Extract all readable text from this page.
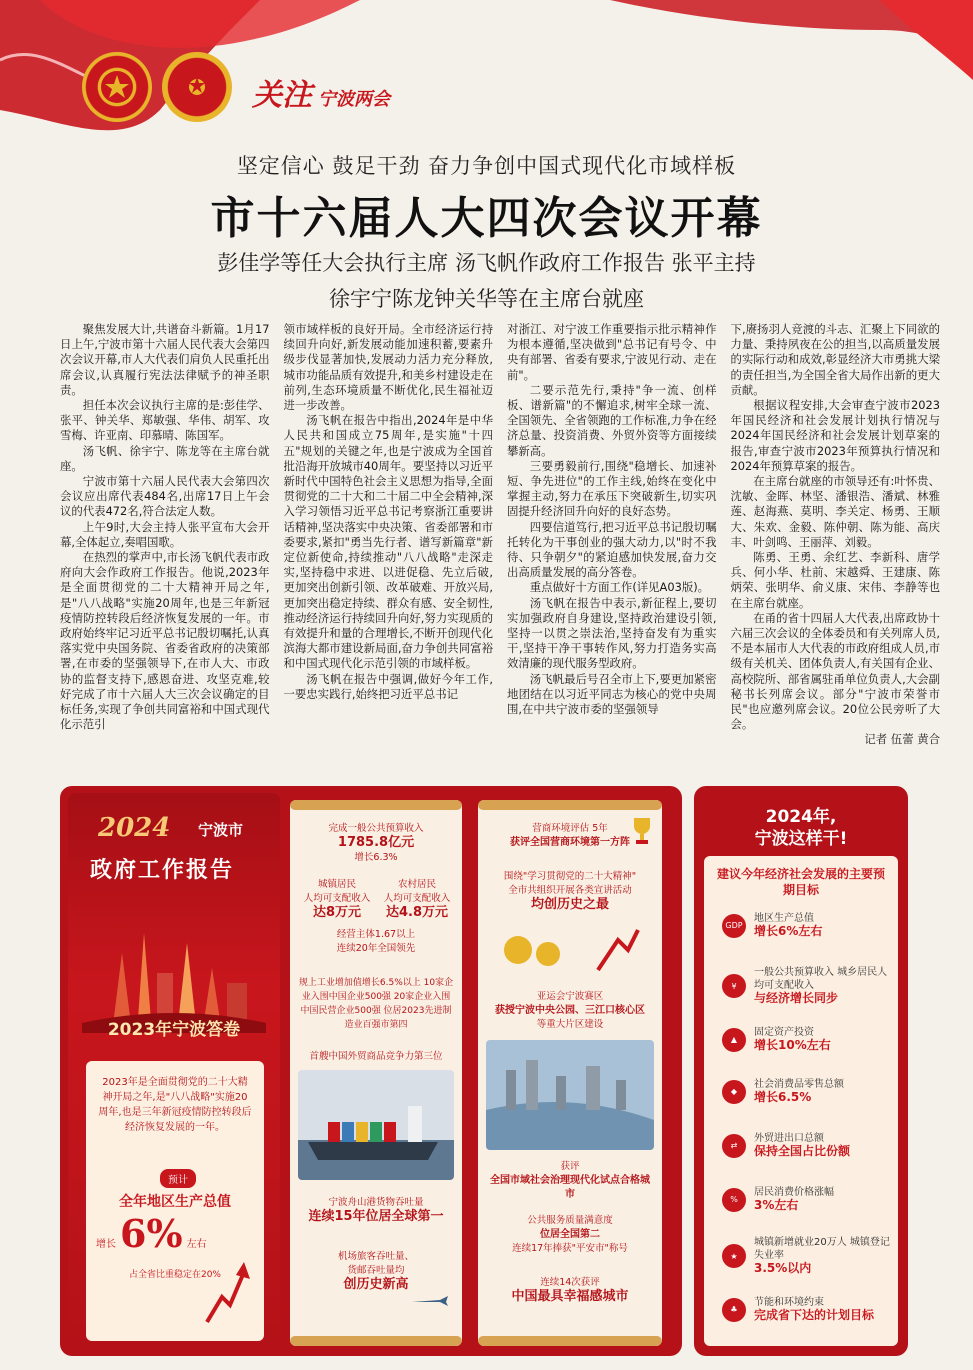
关注 宁波两会
坚定信心 鼓足干劲 奋力争创中国式现代化市域样板
市十六届人大四次会议开幕
彭佳学等任大会执行主席 汤飞帆作政府工作报告 张平主持
徐宇宁陈龙钟关华等在主席台就座

聚焦发展大计,共谱奋斗新篇。1月17日上午,宁波市第十六届人民代表大会第四次会议开幕,市人大代表们肩负人民重托出席会议,认真履行宪法法律赋予的神圣职责。

担任本次会议执行主席的是:彭佳学、张平、钟关华、郑敏强、华伟、胡军、攻雪梅、许亚南、印慕晴、陈国军。

汤飞帆、徐宇宁、陈龙等在主席台就座。

宁波市第十六届人民代表大会第四次会议应出席代表484名,出席17日上午会议的代表472名,符合法定人数。

上午9时,大会主持人张平宣布大会开幕,全体起立,奏唱国歌。

在热烈的掌声中,市长汤飞帆代表市政府向大会作政府工作报告。他说,2023年是全面贯彻党的二十大精神开局之年,是"八八战略"实施20周年,也是三年新冠疫情防控转段后经济恢复发展的一年。市政府始终牢记习近平总书记殷切嘱托,认真落实党中央国务院、省委省政府的决策部署,在市委的坚强领导下,在市人大、市政协的监督支持下,感恩奋进、攻坚克难,较好完成了市十六届人大三次会议确定的目标任务,实现了争创共同富裕和中国式现代化示范引

领市域样板的良好开局。全市经济运行持续回升向好,新发展动能加速积蓄,要素升级步伐显著加快,发展动力活力充分释放,城市功能品质有效提升,和美乡村建设走在前列,生态环境质量不断优化,民生福祉迈进一步改善。

汤飞帆在报告中指出,2024年是中华人民共和国成立75周年,是实施"十四五"规划的关键之年,也是宁波成为全国首批沿海开放城市40周年。要坚持以习近平新时代中国特色社会主义思想为指导,全面贯彻党的二十大和二十届二中全会精神,深入学习领悟习近平总书记考察浙江重要讲话精神,坚决落实中央决策、省委部署和市委要求,紧扣"勇当先行者、谱写新篇章"新定位新使命,持续推动"八八战略"走深走实,坚持稳中求进、以进促稳、先立后破,更加突出创新引领、改革破难、开放兴局,更加突出稳定持续、群众有感、安全韧性,推动经济运行持续回升向好,努力实现质的有效提升和量的合理增长,不断开创现代化滨海大都市建设新局面,奋力争创共同富裕和中国式现代化示范引领的市域样板。

汤飞帆在报告中强调,做好今年工作,一要忠实践行,始终把习近平总书记

对浙江、对宁波工作重要指示批示精神作为根本遵循,坚决做到"总书记有号令、中央有部署、省委有要求,宁波见行动、走在前"。

二要示范先行,秉持"争一流、创样板、谱新篇"的不懈追求,树牢全球一流、全国领先、全省领跑的工作标准,力争在经济总量、投资消费、外贸外资等方面接续攀新高。

三要勇毅前行,围绕"稳增长、加速补短、争先进位"的工作主线,始终在变化中掌握主动,努力在承压下突破新生,切实巩固提升经济回升向好的良好态势。

四要信道笃行,把习近平总书记殷切嘱托转化为干事创业的强大动力,以"时不我待、只争朝夕"的紧迫感加快发展,奋力交出高质量发展的高分答卷。

重点做好十方面工作(详见A03版)。

汤飞帆在报告中表示,新征程上,要切实加强政府自身建设,坚持政治建设引领,坚持一以贯之崇法治,坚持奋发有为重实干,坚持干净干事转作风,努力打造务实高效清廉的现代服务型政府。

汤飞帆最后号召全市上下,要更加紧密地团结在以习近平同志为核心的党中央周围,在中共宁波市委的坚强领导

下,赓扬羽人竞渡的斗志、汇聚上下同欲的力量、秉持夙夜在公的担当,以高质量发展的实际行动和成效,彰显经济大市勇挑大梁的责任担当,为全国全省大局作出新的更大贡献。

根据议程安排,大会审查宁波市2023年国民经济和社会发展计划执行情况与2024年国民经济和社会发展计划草案的报告,审查宁波市2023年预算执行情况和2024年预算草案的报告。

在主席台就座的市领导还有:叶怀贵、沈敏、金晖、林坚、潘银浩、潘斌、林雅莲、赵海燕、莫明、李关定、杨勇、王顺大、朱欢、金毅、陈仲朝、陈为能、高庆丰、叶剑鸣、王丽萍、刘毅。

陈勇、王勇、余红艺、李新科、唐学兵、何小华、杜前、宋越舜、王建康、陈炳荣、张明华、俞义康、宋伟、李静等也在主席台就座。

在甬的省十四届人大代表,出席政协十六届三次会议的全体委员和有关列席人员,不是本届市人大代表的市政府组成人员,市级有关机关、团体负责人,有关国有企业、高校院所、部省属驻甬单位负责人,大会副秘书长列席会议。部分"宁波市荣誉市民"也应邀列席会议。20位公民旁听了大会。

记者 伍蕾 黄合
2024 宁波市
政府工作报告
2023年宁波答卷
2023年是全面贯彻党的二十大精神开局之年,是"八八战略"实施20周年,也是三年新冠疫情防控转段后经济恢复发展的一年。
预计
全年地区生产总值
增长 6% 左右
占全省比重稳定在20%
完成一般公共预算收入
1785.8亿元
增长6.3%
城镇居民
人均可支配收入
达8万元
农村居民
人均可支配收入
达4.8万元
经营主体1.67以上
连续20年全国领先
规上工业增加值增长6.5%以上 10家企业入围中国企业500强 20家企业入围中国民营企业500强 位居2023先进制造业百强市第四
首艘中国外贸商品竞争力第三位
宁波舟山港货物吞吐量
连续15年位居全球第一
机场旅客吞吐量、
货邮吞吐量均
创历史新高
营商环境评估 5年
获评全国营商环境第一方阵
围绕"学习贯彻党的二十大精神"
全市共组织开展各类宣讲活动
均创历史之最
亚运会宁波赛区
获授宁波中央公园、三江口核心区
等重大片区建设
获评
全国市域社会治理现代化试点合格城市
公共服务质量满意度
位居全国第二
连续17年捧获"平安市"称号
连续14次获评
中国最具幸福感城市
2024年,
宁波这样干!
建议今年经济社会发展的主要预期目标
GDP
地区生产总值
增长6%左右
¥
一般公共预算收入 城乡居民人均可支配收入
与经济增长同步
▲
固定资产投资
增长10%左右
◆
社会消费品零售总额
增长6.5%
⇄
外贸进出口总额
保持全国占比份额
%
居民消费价格涨幅
3%左右
★
城镇新增就业20万人 城镇登记失业率
3.5%以内
♣
节能和环境约束
完成省下达的计划目标
